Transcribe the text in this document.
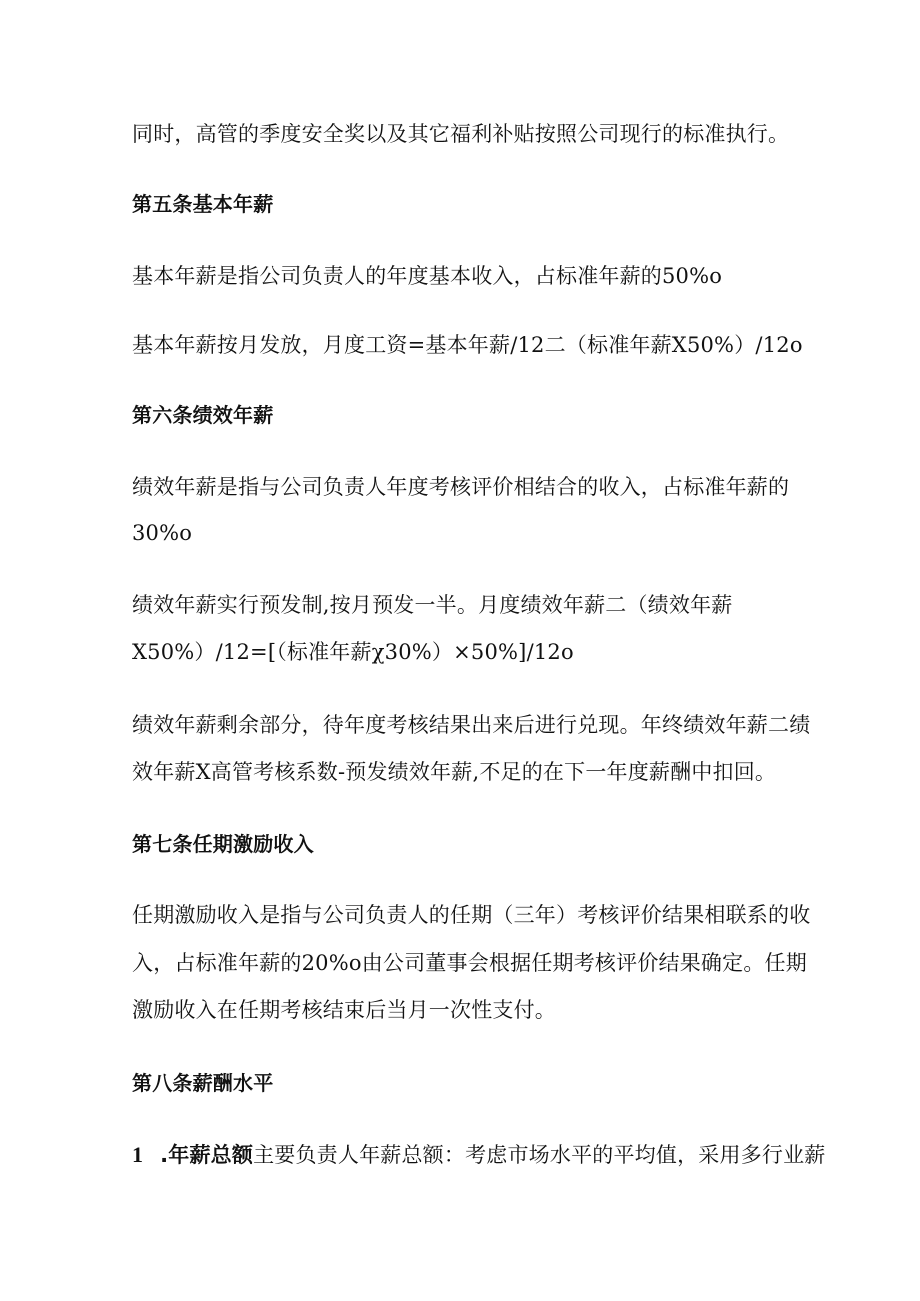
同时，高管的季度安全奖以及其它福利补贴按照公司现行的标准执行。
第五条基本年薪
基本年薪是指公司负责人的年度基本收入，占标准年薪的50%o
基本年薪按月发放，月度工资=基本年薪/12二（标准年薪X50%）/12o
第六条绩效年薪
绩效年薪是指与公司负责人年度考核评价相结合的收入，占标准年薪的
30%o
绩效年薪实行预发制,按月预发一半。月度绩效年薪二（绩效年薪
X50%）/12=[（标准年薪χ30%）×50%]/12o
绩效年薪剩余部分，待年度考核结果出来后进行兑现。年终绩效年薪二绩
效年薪X高管考核系数-预发绩效年薪,不足的在下一年度薪酬中扣回。
第七条任期激励收入
任期激励收入是指与公司负责人的任期（三年）考核评价结果相联系的收
入，占标准年薪的20%o由公司董事会根据任期考核评价结果确定。任期
激励收入在任期考核结束后当月一次性支付。
第八条薪酬水平
1 .年薪总额主要负责人年薪总额：考虑市场水平的平均值，采用多行业薪
